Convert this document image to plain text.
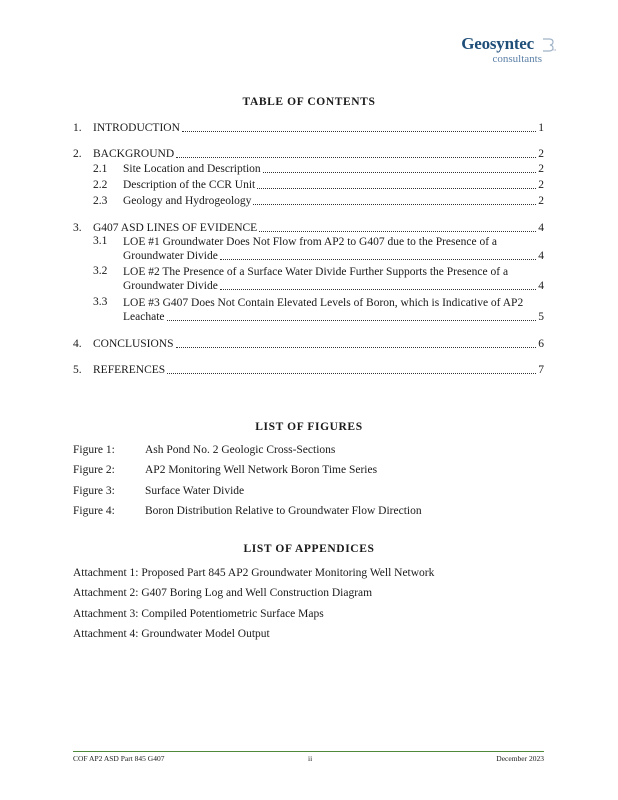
Geosyntec
consultants
TABLE OF CONTENTS
1. INTRODUCTION	1
2. BACKGROUND	2
2.1	Site Location and Description	2
2.2	Description of the CCR Unit	2
2.3	Geology and Hydrogeology	2
3. G407 ASD LINES OF EVIDENCE	4
3.1	LOE #1 Groundwater Does Not Flow from AP2 to G407 due to the Presence of a
Groundwater Divide	4
3.2	LOE #2 The Presence of a Surface Water Divide Further Supports the Presence of a
Groundwater Divide	4
3.3	LOE #3 G407 Does Not Contain Elevated Levels of Boron, which is Indicative of AP2
Leachate	5
4. CONCLUSIONS	6
5. REFERENCES	7
LIST OF FIGURES
Figure 1:	Ash Pond No. 2 Geologic Cross-Sections
Figure 2:	AP2 Monitoring Well Network Boron Time Series
Figure 3:	Surface Water Divide
Figure 4:	Boron Distribution Relative to Groundwater Flow Direction
LIST OF APPENDICES
Attachment 1: Proposed Part 845 AP2 Groundwater Monitoring Well Network
Attachment 2: G407 Boring Log and Well Construction Diagram
Attachment 3: Compiled Potentiometric Surface Maps
Attachment 4: Groundwater Model Output
COF AP2 ASD Part 845 G407	ii	December 2023
